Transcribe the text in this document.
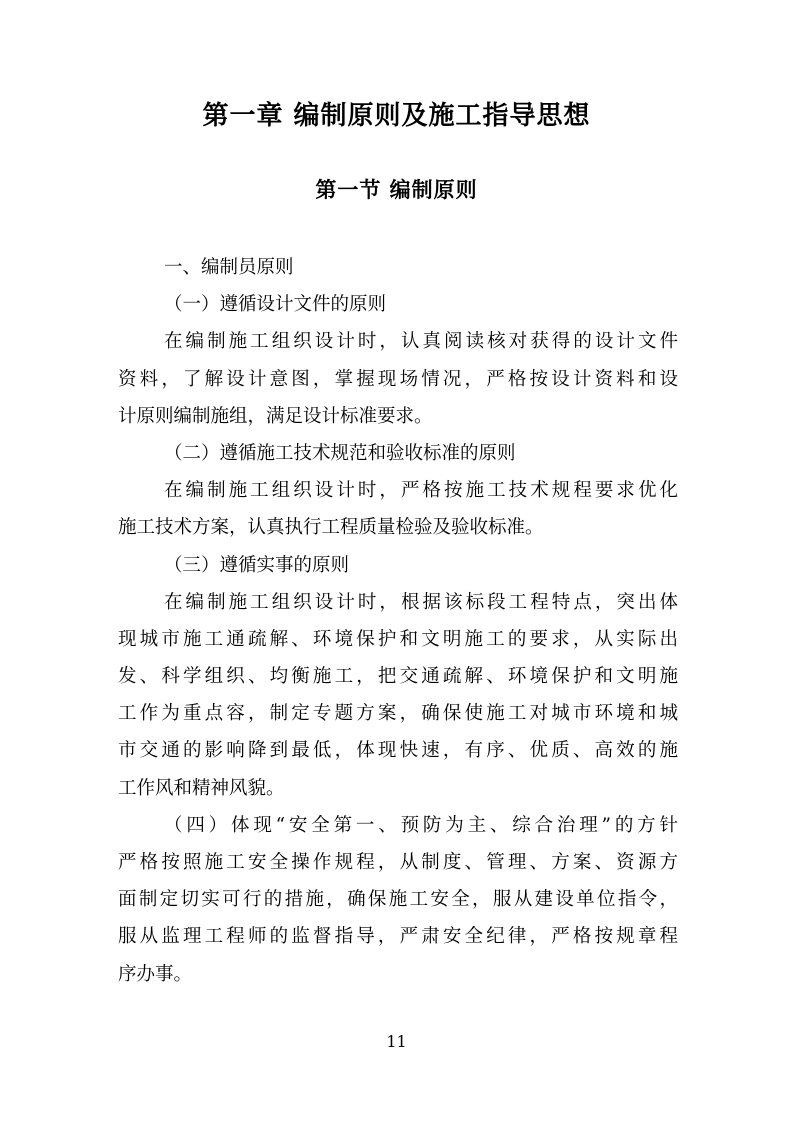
第一章 编制原则及施工指导思想
第一节 编制原则
一、编制员原则
（一）遵循设计文件的原则
在编制施工组织设计时，认真阅读核对获得的设计文件
资料，了解设计意图，掌握现场情况，严格按设计资料和设
计原则编制施组，满足设计标准要求。
（二）遵循施工技术规范和验收标准的原则
在编制施工组织设计时，严格按施工技术规程要求优化
施工技术方案，认真执行工程质量检验及验收标准。
（三）遵循实事的原则
在编制施工组织设计时，根据该标段工程特点，突出体
现城市施工通疏解、环境保护和文明施工的要求，从实际出
发、科学组织、均衡施工，把交通疏解、环境保护和文明施
工作为重点容，制定专题方案，确保使施工对城市环境和城
市交通的影响降到最低，体现快速，有序、优质、高效的施
工作风和精神风貌。
（四）体现“安全第一、预防为主、综合治理”的方针
严格按照施工安全操作规程，从制度、管理、方案、资源方
面制定切实可行的措施，确保施工安全，服从建设单位指令，
服从监理工程师的监督指导，严肃安全纪律，严格按规章程
序办事。
11
